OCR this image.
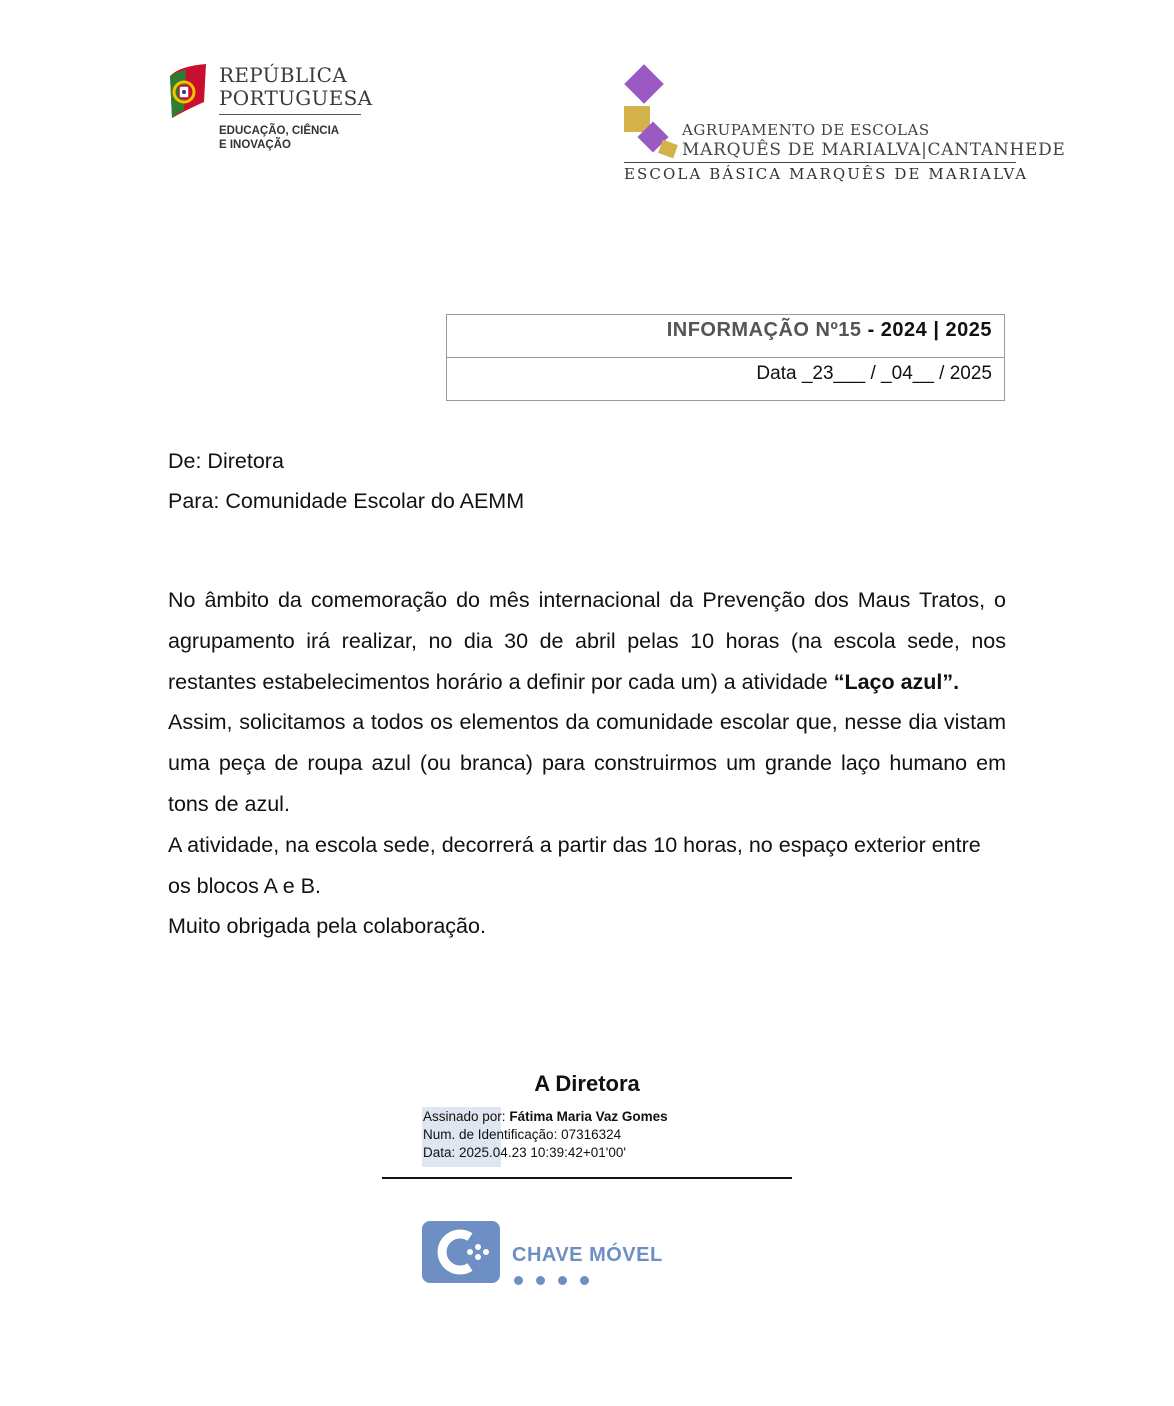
REPÚBLICA
PORTUGUESA
EDUCAÇÃO, CIÊNCIA
E INOVAÇÃO
AGRUPAMENTO DE ESCOLAS
MARQUÊS DE MARIALVA|CANTANHEDE
ESCOLA BÁSICA MARQUÊS DE MARIALVA
INFORMAÇÃO Nº15 - 2024 | 2025
Data _23___ / _04__ / 2025
De: Diretora
Para: Comunidade Escolar do AEMM

No âmbito da comemoração do mês internacional da Prevenção dos Maus Tratos, o agrupamento irá realizar, no dia 30 de abril pelas 10 horas (na escola sede, nos restantes estabelecimentos horário a definir por cada um) a atividade “Laço azul”.

Assim, solicitamos a todos os elementos da comunidade escolar que, nesse dia vistam uma peça de roupa azul (ou branca) para construirmos um grande laço humano em tons de azul.

A atividade, na escola sede, decorrerá a partir das 10 horas, no espaço exterior entre os blocos A e B.

Muito obrigada pela colaboração.

A Diretora
Assinado por: Fátima Maria Vaz Gomes
Num. de Identificação: 07316324
Data: 2025.04.23 10:39:42+01'00'
CHAVE MÓVEL
